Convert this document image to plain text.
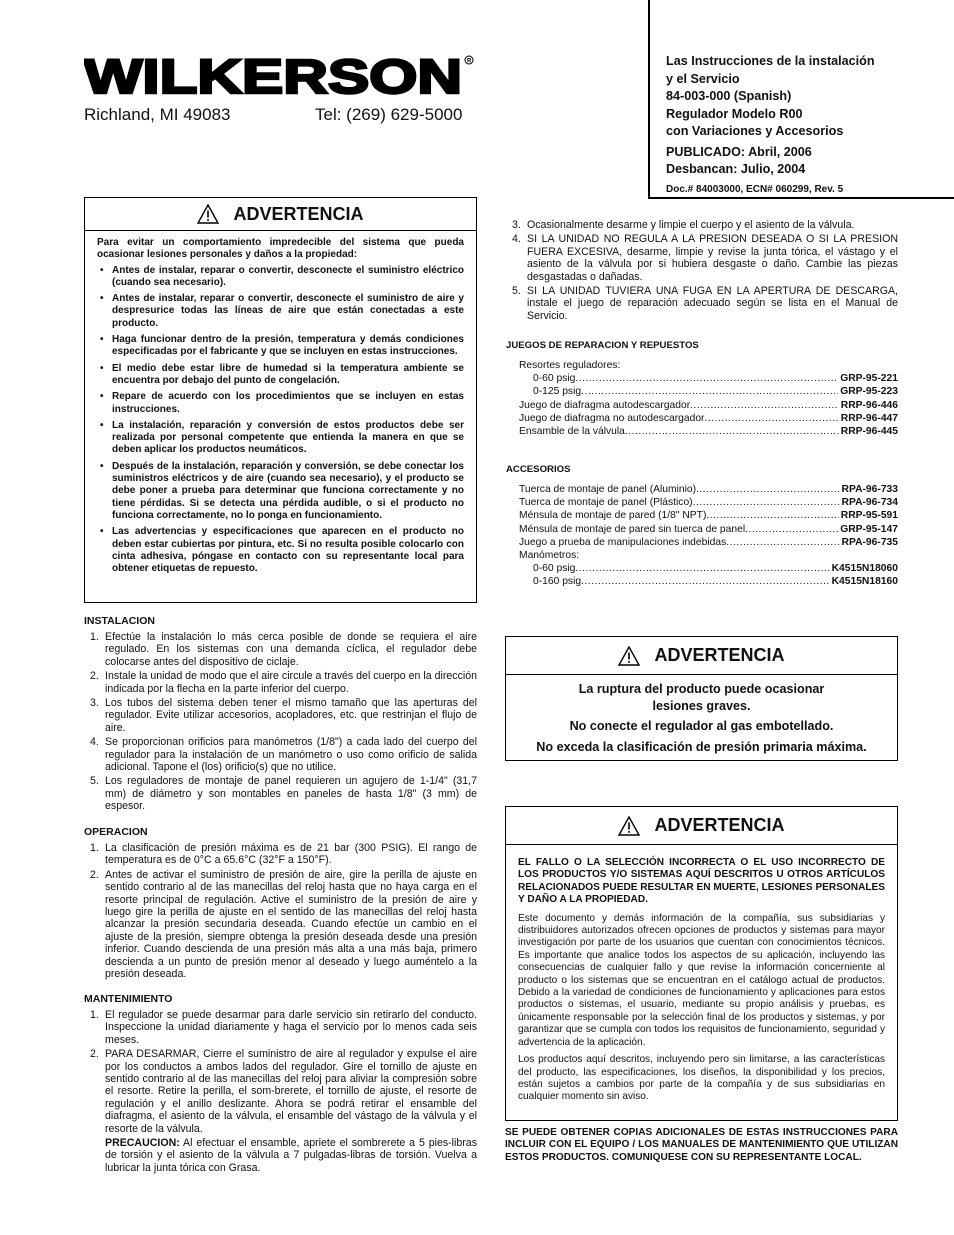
WILKERSON R
Richland, MI 49083	Tel: (269) 629-5000
Las Instrucciones de la instalación
y el Servicio
84-003-000 (Spanish)
Regulador Modelo R00
con Variaciones y Accesorios
PUBLICADO: Abril, 2006
Desbancan: Julio, 2004
Doc.# 84003000, ECN# 060299, Rev. 5
ADVERTENCIA
Para evitar un comportamiento impredecible del sistema que pueda ocasionar lesiones personales y daños a la propiedad:
• Antes de instalar, reparar o convertir, desconecte el suministro eléctrico (cuando sea necesario).
• Antes de instalar, reparar o convertir, desconecte el suministro de aire y despresurice todas las líneas de aire que están conectadas a este producto.
• Haga funcionar dentro de la presión, temperatura y demás condiciones especificadas por el fabricante y que se incluyen en estas instrucciones.
• El medio debe estar libre de humedad si la temperatura ambiente se encuentra por debajo del punto de congelación.
• Repare de acuerdo con los procedimientos que se incluyen en estas instrucciones.
• La instalación, reparación y conversión de estos productos debe ser realizada por personal competente que entienda la manera en que se deben aplicar los productos neumáticos.
• Después de la instalación, reparación y conversión, se debe conectar los suministros eléctricos y de aire (cuando sea necesario), y el producto se debe poner a prueba para determinar que funciona correctamente y no tiene pérdidas. Si se detecta una pérdida audible, o si el producto no funciona correctamente, no lo ponga en funcionamiento.
• Las advertencias y especificaciones que aparecen en el producto no deben estar cubiertas por pintura, etc. Si no resulta posible colocarlo con cinta adhesiva, póngase en contacto con su representante local para obtener etiquetas de repuesto.
INSTALACION
1. Efectúe la instalación lo más cerca posible de donde se requiera el aire regulado. En los sistemas con una demanda cíclica, el regulador debe colocarse antes del dispositivo de ciclaje.
2. Instale la unidad de modo que el aire circule a través del cuerpo en la dirección indicada por la flecha en la parte inferior del cuerpo.
3. Los tubos del sistema deben tener el mismo tamaño que las aperturas del regulador. Evite utilizar accesorios, acopladores, etc. que restrinjan el flujo de aire.
4. Se proporcionan orificios para manómetros (1/8") a cada lado del cuerpo del regulador para la instalación de un manómetro o uso como orificio de salida adicional. Tapone el (los) orificio(s) que no utilice.
5. Los reguladores de montaje de panel requieren un agujero de 1-1/4" (31,7 mm) de diámetro y son montables en paneles de hasta 1/8" (3 mm) de espesor.
OPERACION
1. La clasificación de presión máxima es de 21 bar (300 PSIG). El rango de temperatura es de 0°C a 65.6°C (32°F a 150°F).
2. Antes de activar el suministro de presión de aire, gire la perilla de ajuste en sentido contrario al de las manecillas del reloj hasta que no haya carga en el resorte principal de regulación. Active el suministro de la presión de aire y luego gire la perilla de ajuste en el sentido de las manecillas del reloj hasta alcanzar la presión secundaria deseada. Cuando efectúe un cambio en el ajuste de la presión, siempre obtenga la presión deseada desde una presión inferior. Cuando descienda de una presión más alta a una más baja, primero descienda a un punto de presión menor al deseado y luego auméntelo a la presión deseada.
MANTENIMIENTO
1. El regulador se puede desarmar para darle servicio sin retirarlo del conducto. Inspeccione la unidad diariamente y haga el servicio por lo menos cada seis meses.
2. PARA DESARMAR, Cierre el suministro de aire al regulador y expulse el aire por los conductos a ambos lados del regulador. Gire el tornillo de ajuste en sentido contrario al de las manecillas del reloj para aliviar la compresión sobre el resorte. Retire la perilla, el som-brerete, el tornillo de ajuste, el resorte de regulación y el anillo deslizante. Ahora se podrá retirar el ensamble del diafragma, el asiento de la válvula, el ensamble del vástago de la válvula y el resorte de la válvula.
PRECAUCION: Al efectuar el ensamble, apriete el sombrerete a 5 pies-libras de torsión y el asiento de la válvula a 7 pulgadas-libras de torsión. Vuelva a lubricar la junta tórica con Grasa.
3. Ocasionalmente desarme y limpie el cuerpo y el asiento de la válvula.
4. SI LA UNIDAD NO REGULA A LA PRESION DESEADA O SI LA PRESION FUERA EXCESIVA, desarme, limpie y revise la junta tórica, el vástago y el asiento de la válvula por si hubiera desgaste o daño. Cambie las piezas desgastadas o dañadas.
5. SI LA UNIDAD TUVIERA UNA FUGA EN LA APERTURA DE DESCARGA, instale el juego de reparación adecuado según se lista en el Manual de Servicio.
JUEGOS DE REPARACION Y REPUESTOS
Resortes reguladores:
0-60 psig .....	GRP-95-221
0-125 psig .....	GRP-95-223
Juego de diafragma autodescargador .....	RRP-96-446
Juego de diafragma no autodescargador .....	RRP-96-447
Ensamble de la válvula .....	RRP-96-445
ACCESORIOS
Tuerca de montaje de panel (Aluminio) .....	RPA-96-733
Tuerca de montaje de panel (Plástico) .....	RPA-96-734
Ménsula de montaje de pared (1/8" NPT) .....	RRP-95-591
Ménsula de montaje de pared sin tuerca de panel .....	GRP-95-147
Juego a prueba de manipulaciones indebidas .....	RPA-96-735
Manómetros:
0-60 psig .....	K4515N18060
0-160 psig .....	K4515N18160
ADVERTENCIA
La ruptura del producto puede ocasionar
lesiones graves.
No conecte el regulador al gas embotellado.
No exceda la clasificación de presión primaria máxima.
ADVERTENCIA
EL FALLO O LA SELECCIÓN INCORRECTA O EL USO INCORRECTO DE LOS PRODUCTOS Y/O SISTEMAS AQUÍ DESCRITOS U OTROS ARTÍCULOS RELACIONADOS PUEDE RESULTAR EN MUERTE, LESIONES PERSONALES Y DAÑO A LA PROPIEDAD.

Este documento y demás información de la compañía, sus subsidiarias y distribuidores autorizados ofrecen opciones de productos y sistemas para mayor investigación por parte de los usuarios que cuentan con conocimientos técnicos. Es importante que analice todos los aspectos de su aplicación, incluyendo las consecuencias de cualquier fallo y que revise la información concerniente al producto o los sistemas que se encuentran en el catálogo actual de productos. Debido a la variedad de condiciones de funcionamiento y aplicaciones para estos productos o sistemas, el usuario, mediante su propio análisis y pruebas, es únicamente responsable por la selección final de los productos y sistemas, y por garantizar que se cumpla con todos los requisitos de funcionamiento, seguridad y advertencia de la aplicación.

Los productos aquí descritos, incluyendo pero sin limitarse, a las características del producto, las especificaciones, los diseños, la disponibilidad y los precios, están sujetos a cambios por parte de la compañía y de sus subsidiarias en cualquier momento sin aviso.

SE PUEDE OBTENER COPIAS ADICIONALES DE ESTAS INSTRUCCIONES PARA INCLUIR CON EL EQUIPO / LOS MANUALES DE MANTENIMIENTO QUE UTILIZAN ESTOS PRODUCTOS. COMUNIQUESE CON SU REPRESENTANTE LOCAL.
